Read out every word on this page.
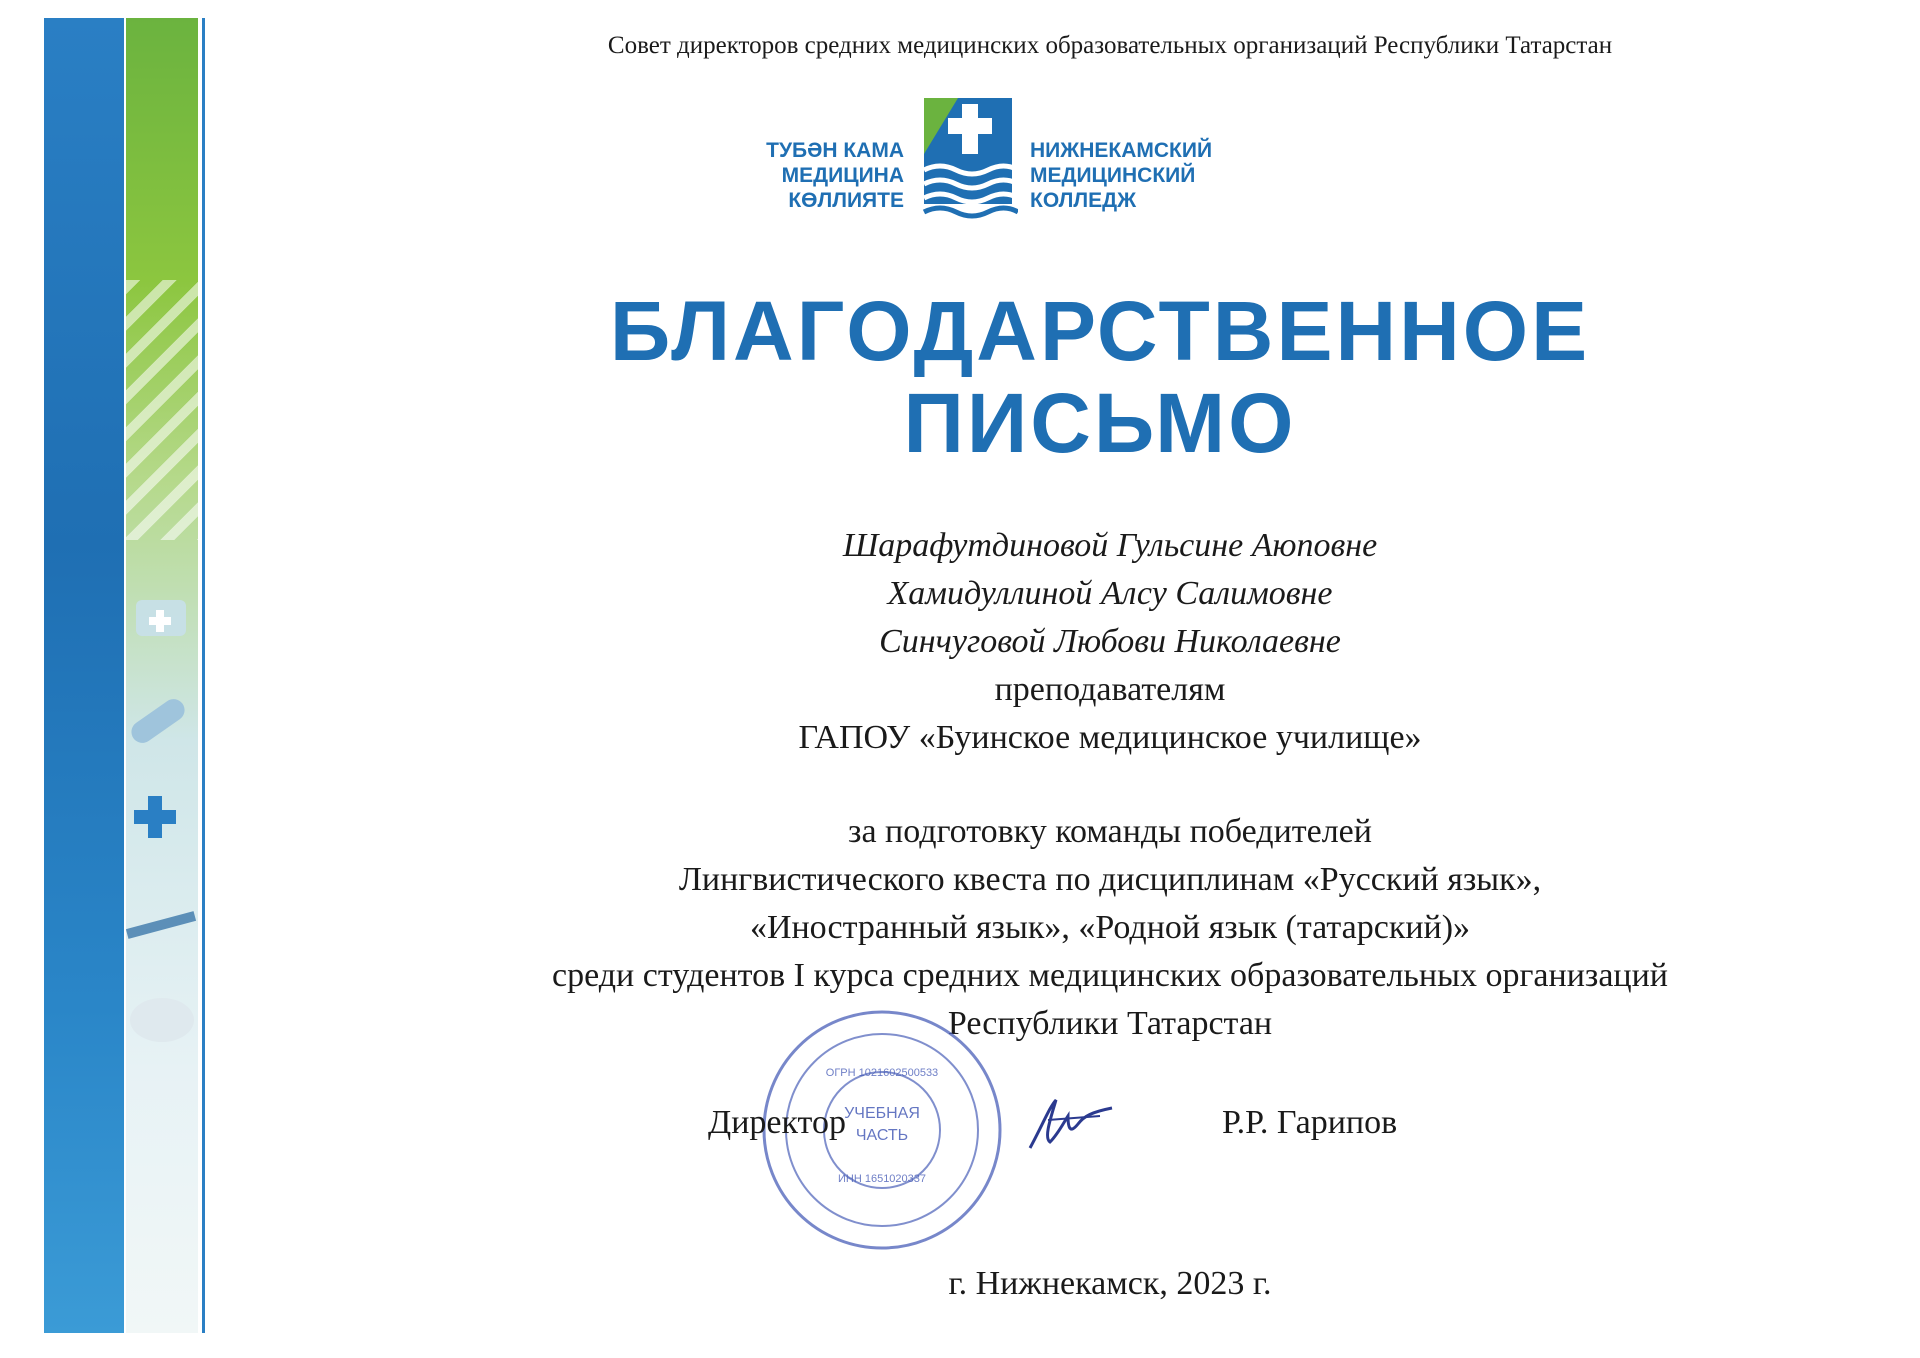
Совет директоров средних медицинских образовательных организаций Республики Татарстан
ТУБӘН КАМА
МЕДИЦИНА
КӨЛЛИЯТЕ
НИЖНЕКАМСКИЙ
МЕДИЦИНСКИЙ
КОЛЛЕДЖ
БЛАГОДАРСТВЕННОЕ
ПИСЬМО
Шарафутдиновой Гульсине Аюповне
Хамидуллиной Алсу Салимовне
Синчуговой Любови Николаевне
преподавателям
ГАПОУ «Буинское медицинское училище»
за подготовку команды победителей
Лингвистического квеста по дисциплинам «Русский язык»,
«Иностранный язык», «Родной язык (татарский)»
среди студентов I курса средних медицинских образовательных организаций
Республики Татарстан
УЧЕБНАЯ
ЧАСТЬ
ОГРН 1021602500533
ИНН 1651020337
Директор	Р.Р. Гарипов
г. Нижнекамск, 2023 г.
